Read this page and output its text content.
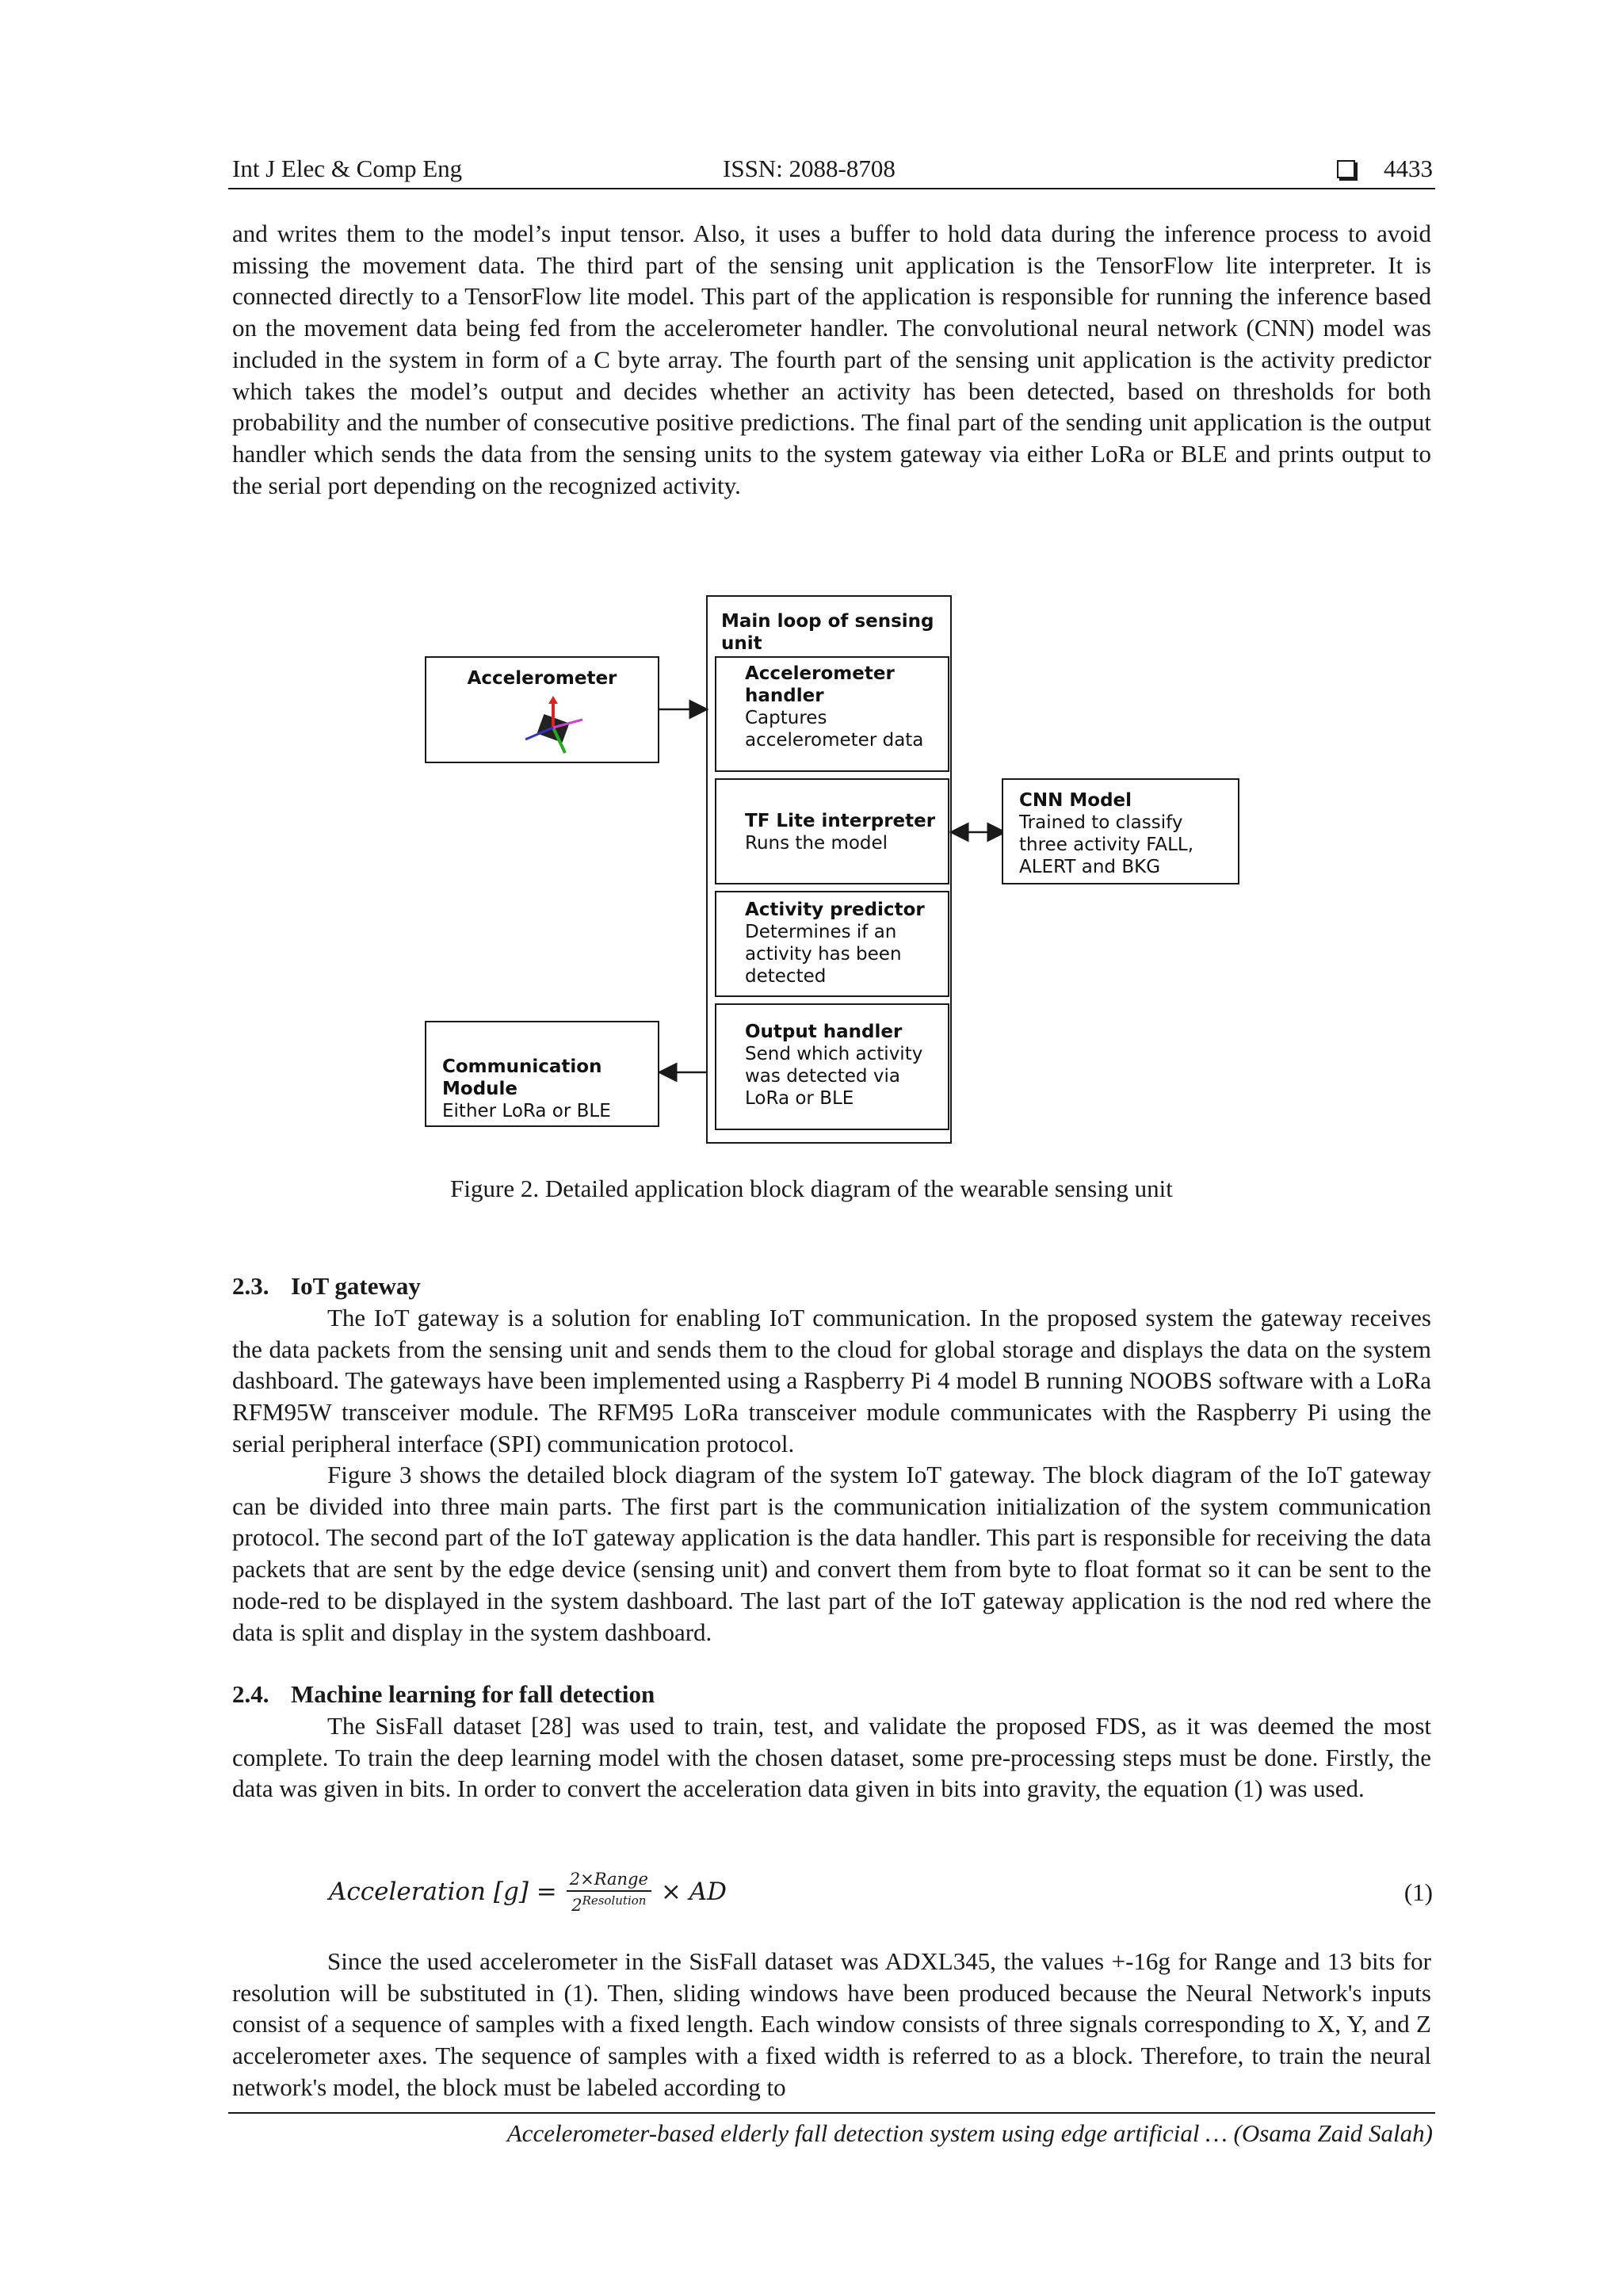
Int J Elec & Comp Eng	ISSN: 2088-8708	4433

and writes them to the model’s input tensor. Also, it uses a buffer to hold data during the inference process to avoid missing the movement data. The third part of the sensing unit application is the TensorFlow lite interpreter. It is connected directly to a TensorFlow lite model. This part of the application is responsible for running the inference based on the movement data being fed from the accelerometer handler. The convolutional neural network (CNN) model was included in the system in form of a C byte array. The fourth part of the sensing unit application is the activity predictor which takes the model’s output and decides whether an activity has been detected, based on thresholds for both probability and the number of consecutive positive predictions. The final part of the sending unit application is the output handler which sends the data from the sensing units to the system gateway via either LoRa or BLE and prints output to the serial port depending on the recognized activity.

Main loop of sensing unit
Accelerometer	Accelerometer handler
Captures accelerometer data
TF Lite interpreter
Runs the model
Activity predictor
Determines if an activity has been detected
Output handler
Send which activity was detected via LoRa or BLE
CNN Model
Trained to classify three activity FALL, ALERT and BKG
Communication Module
Either LoRa or BLE
Figure 2. Detailed application block diagram of the wearable sensing unit
2.3. IoT gateway

The IoT gateway is a solution for enabling IoT communication. In the proposed system the gateway receives the data packets from the sensing unit and sends them to the cloud for global storage and displays the data on the system dashboard. The gateways have been implemented using a Raspberry Pi 4 model B running NOOBS software with a LoRa RFM95W transceiver module. The RFM95 LoRa transceiver module communicates with the Raspberry Pi using the serial peripheral interface (SPI) communication protocol.

Figure 3 shows the detailed block diagram of the system IoT gateway. The block diagram of the IoT gateway can be divided into three main parts. The first part is the communication initialization of the system communication protocol. The second part of the IoT gateway application is the data handler. This part is responsible for receiving the data packets that are sent by the edge device (sensing unit) and convert them from byte to float format so it can be sent to the node-red to be displayed in the system dashboard. The last part of the IoT gateway application is the nod red where the data is split and display in the system dashboard.

2.4. Machine learning for fall detection

The SisFall dataset [28] was used to train, test, and validate the proposed FDS, as it was deemed the most complete. To train the deep learning model with the chosen dataset, some pre-processing steps must be done. Firstly, the data was given in bits. In order to convert the acceleration data given in bits into gravity, the equation (1) was used.

Acceleration $[g] = \frac{\text{2×Range}}{2^{Resolution}}$ × AD	(1)

Since the used accelerometer in the SisFall dataset was ADXL345, the values +-16g for Range and 13 bits for resolution will be substituted in (1). Then, sliding windows have been produced because the Neural Network's inputs consist of a sequence of samples with a fixed length. Each window consists of three signals corresponding to X, Y, and Z accelerometer axes. The sequence of samples with a fixed width is referred to as a block. Therefore, to train the neural network's model, the block must be labeled according to

Accelerometer-based elderly fall detection system using edge artificial … (Osama Zaid Salah)
